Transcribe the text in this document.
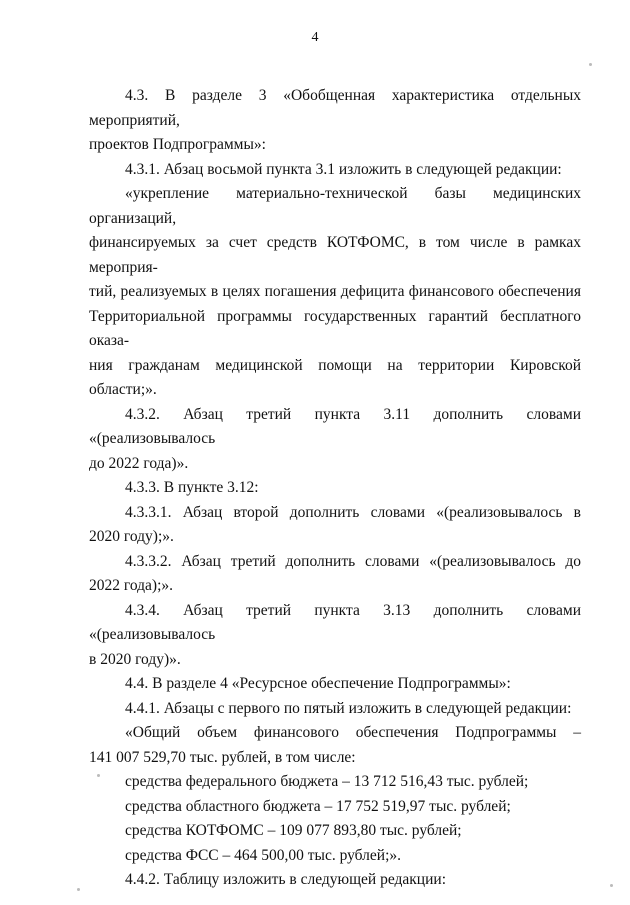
4
4.3. В разделе 3 «Обобщенная характеристика отдельных мероприятий,
проектов Подпрограммы»:
4.3.1. Абзац восьмой пункта 3.1 изложить в следующей редакции:
«укрепление материально-технической базы медицинских организаций,
финансируемых за счет средств КОТФОМС, в том числе в рамках мероприя-
тий, реализуемых в целях погашения дефицита финансового обеспечения
Территориальной программы государственных гарантий бесплатного оказа-
ния гражданам медицинской помощи на территории Кировской области;».
4.3.2. Абзац третий пункта 3.11 дополнить словами «(реализовывалось
до 2022 года)».
4.3.3. В пункте 3.12:
4.3.3.1. Абзац второй дополнить словами «(реализовывалось в
2020 году);».
4.3.3.2. Абзац третий дополнить словами «(реализовывалось до
2022 года);».
4.3.4. Абзац третий пункта 3.13 дополнить словами «(реализовывалось
в 2020 году)».
4.4. В разделе 4 «Ресурсное обеспечение Подпрограммы»:
4.4.1. Абзацы с первого по пятый изложить в следующей редакции:
«Общий объем финансового обеспечения Подпрограммы –
141 007 529,70 тыс. рублей, в том числе:
средства федерального бюджета – 13 712 516,43 тыс. рублей;
средства областного бюджета – 17 752 519,97 тыс. рублей;
средства КОТФОМС – 109 077 893,80 тыс. рублей;
средства ФСС – 464 500,00 тыс. рублей;».
4.4.2. Таблицу изложить в следующей редакции:
